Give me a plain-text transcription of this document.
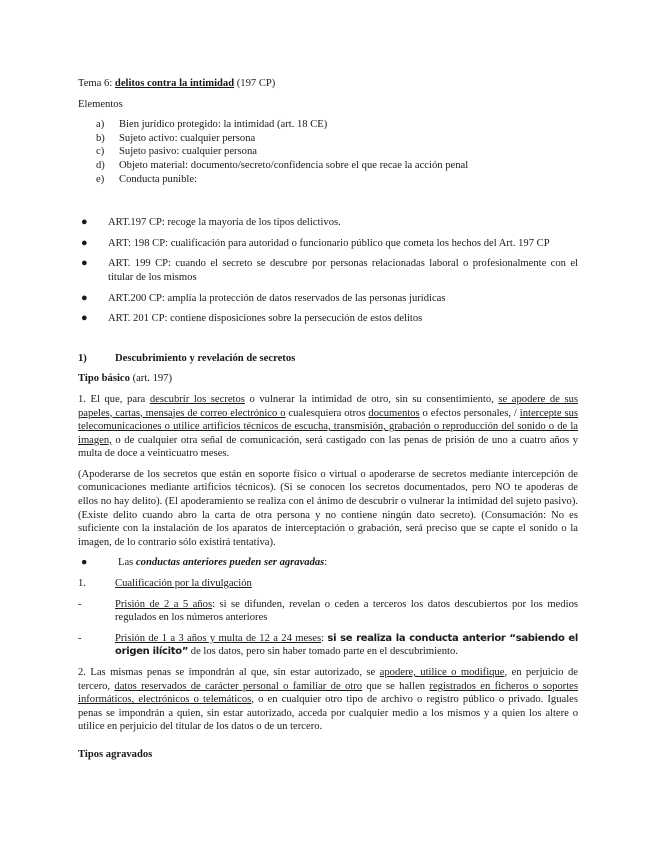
Tema 6: delitos contra la intimidad (197 CP)

Elementos

a)	Bien jurídico protegido: la intimidad (art. 18 CE)
b)	Sujeto activo: cualquier persona
c)	Sujeto pasivo: cualquier persona
d)	Objeto material: documento/secreto/confidencia sobre el que recae la acción penal
e)	Conducta punible:
●	ART.197 CP: recoge la mayoría de los tipos delictivos.
●	ART: 198 CP: cualificación para autoridad o funcionario público que cometa los hechos del Art. 197 CP
●	ART. 199 CP: cuando el secreto se descubre por personas relacionadas laboral o profesionalmente con el titular de los mismos
●	ART.200 CP: amplía la protección de datos reservados de las personas jurídicas
●	ART. 201 CP: contiene disposiciones sobre la persecución de estos delitos
1)	Descubrimiento y revelación de secretos

Tipo básico (art. 197)

1. El que, para descubrir los secretos o vulnerar la intimidad de otro, sin su consentimiento, se apodere de sus papeles, cartas, mensajes de correo electrónico o cualesquiera otros documentos o efectos personales, / intercepte sus telecomunicaciones o utilice artificios técnicos de escucha, transmisión, grabación o reproducción del sonido o de la imagen, o de cualquier otra señal de comunicación, será castigado con las penas de prisión de uno a cuatro años y multa de doce a veinticuatro meses.

(Apoderarse de los secretos que están en soporte físico o virtual o apoderarse de secretos mediante intercepción de comunicaciones mediante artificios técnicos). (Si se conocen los secretos documentados, pero NO te apoderas de ellos no hay delito). (El apoderamiento se realiza con el ánimo de descubrir o vulnerar la intimidad del sujeto pasivo). (Existe delito cuando abro la carta de otra persona y no contiene ningún dato secreto). (Consumación: No es suficiente con la instalación de los aparatos de interceptación o grabación, será preciso que se capte el sonido o la imagen, de lo contrario sólo existirá tentativa).

●	Las conductas anteriores pueden ser agravadas:
1.	Cualificación por la divulgación
-	Prisión de 2 a 5 años: si se difunden, revelan o ceden a terceros los datos descubiertos por los medios regulados en los números anteriores
-	Prisión de 1 a 3 años y multa de 12 a 24 meses: si se realiza la conducta anterior “sabiendo el origen ilícito” de los datos, pero sin haber tomado parte en el descubrimiento.

2. Las mismas penas se impondrán al que, sin estar autorizado, se apodere, utilice o modifique, en perjuicio de tercero, datos reservados de carácter personal o familiar de otro que se hallen registrados en ficheros o soportes informáticos, electrónicos o telemáticos, o en cualquier otro tipo de archivo o registro público o privado. Iguales penas se impondrán a quien, sin estar autorizado, acceda por cualquier medio a los mismos y a quien los altere o utilice en perjuicio del titular de los datos o de un tercero.

Tipos agravados
